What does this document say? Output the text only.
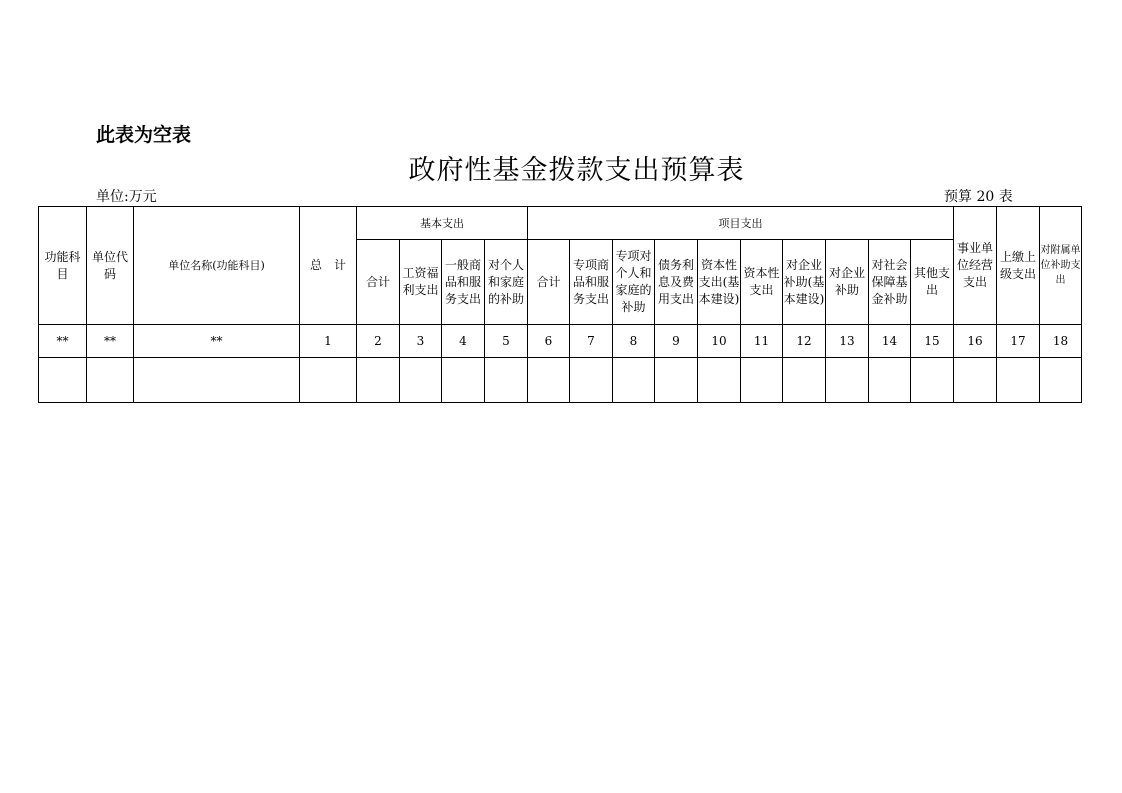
此表为空表
政府性基金拨款支出预算表
单位:万元	预算 20 表
功能科目	单位代码	单位名称(功能科目)	总　计	基本支出				项目支出										事业单位经营支出	上缴上级支出	对附属单位补助支出
				合计	工资福利支出	一般商品和服务支出	对个人和家庭的补助	合计	专项商品和服务支出	专项对个人和家庭的补助	债务利息及费用支出	资本性支出(基本建设)	资本性支出	对企业补助(基本建设)	对企业补助	对社会保障基金补助	其他支出			
**	**	**	1	2	3	4	5	6	7	8	9	10	11	12	13	14	15	16	17	18
